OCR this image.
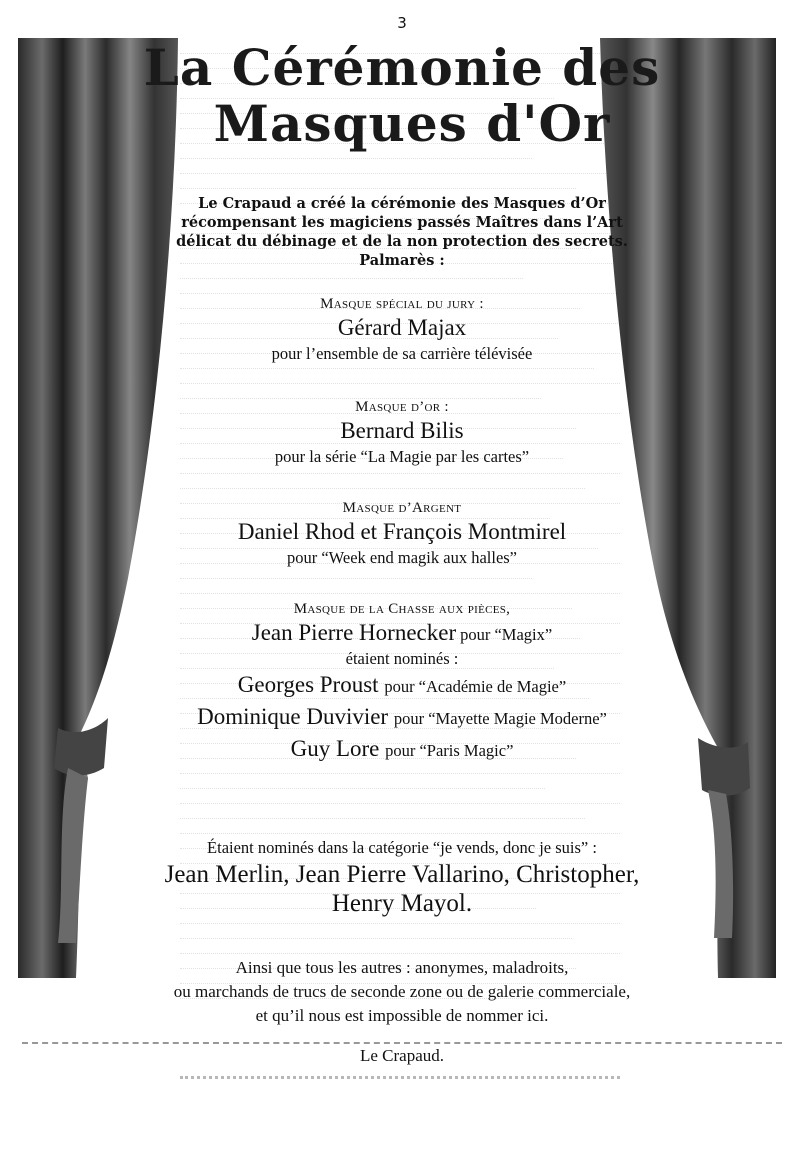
3
La Cérémonie des
Masques d'Or
Le Crapaud a créé la cérémonie des Masques d’Or
récompensant les magiciens passés Maîtres dans l’Art
délicat du débinage et de la non protection des secrets.
Palmarès :
Masque spécial du jury :
Gérard Majax
pour l’ensemble de sa carrière télévisée
Masque d’or :
Bernard Bilis
pour la série “La Magie par les cartes”
Masque d’Argent
Daniel Rhod et François Montmirel
pour “Week end magik aux halles”
Masque de la Chasse aux pièces,
Jean Pierre Hornecker pour “Magix”
étaient nominés :
Georges Proust pour “Académie de Magie”
Dominique Duvivier pour “Mayette Magie Moderne”
Guy Lore pour “Paris Magic”
Étaient nominés dans la catégorie “je vends, donc je suis” :
Jean Merlin, Jean Pierre Vallarino, Christopher,
Henry Mayol.
Ainsi que tous les autres : anonymes, maladroits,
ou marchands de trucs de seconde zone ou de galerie commerciale,
et qu’il nous est impossible de nommer ici.
Le Crapaud.
